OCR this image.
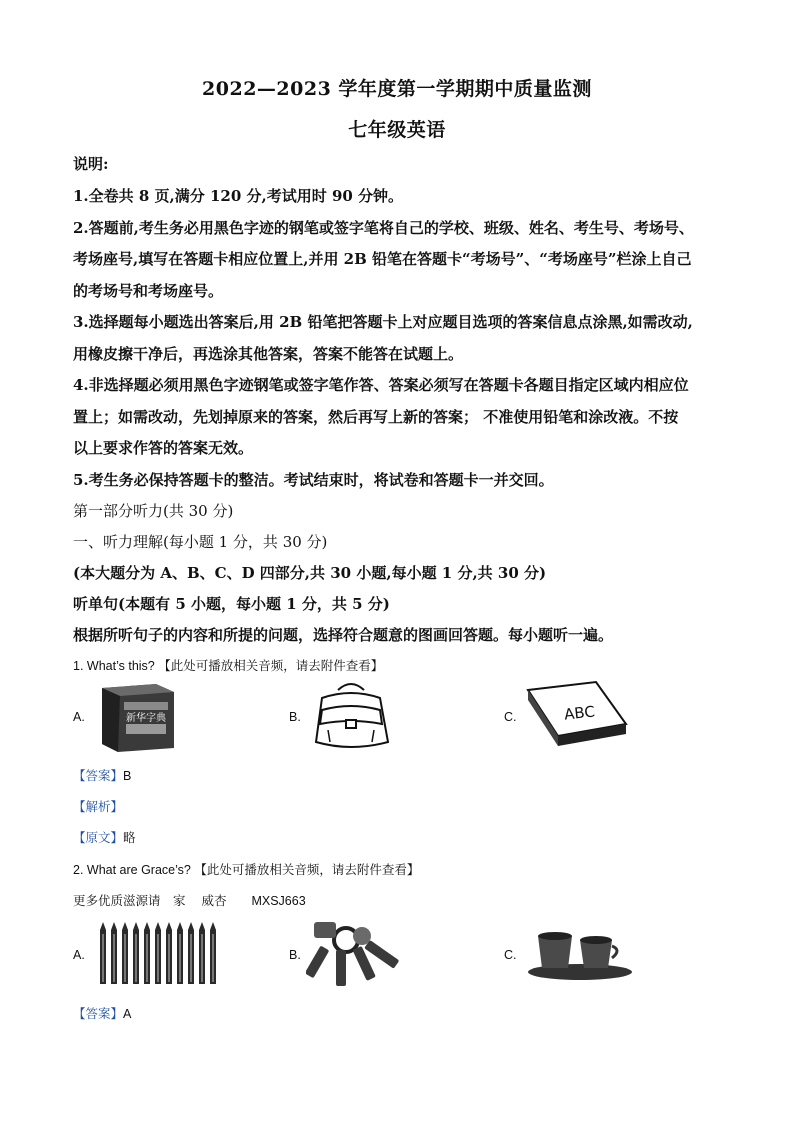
2022—2023 学年度第一学期期中质量监测
七年级英语
说明:
1.全卷共 8 页,满分 120 分,考试用时 90 分钟。
2.答题前,考生务必用黑色字迹的钢笔或签字笔将自己的学校、班级、姓名、考生号、考场号、
考场座号,填写在答题卡相应位置上,并用 2B 铅笔在答题卡“考场号”、“考场座号”栏涂上自己
的考场号和考场座号。
3.选择题每小题选出答案后,用 2B 铅笔把答题卡上对应题目选项的答案信息点涂黑,如需改动,
用橡皮擦干净后，再选涂其他答案，答案不能答在试题上。
4.非选择题必须用黑色字迹钢笔或签字笔作答、答案必须写在答题卡各题目指定区域内相应位
置上；如需改动，先划掉原来的答案，然后再写上新的答案； 不准使用铅笔和涂改液。不按
以上要求作答的答案无效。
5.考生务必保持答题卡的整洁。考试结束时，将试卷和答题卡一并交回。
第一部分听力(共 30 分)
一、听力理解(每小题 1 分，共 30 分)
(本大题分为 A、B、C、D 四部分,共 30 小题,每小题 1 分,共 30 分)
听单句(本题有 5 小题，每小题 1 分，共 5 分)
根据所听句子的内容和所提的问题，选择符合题意的图画回答题。每小题听一遍。
1. What’s this? 【此处可播放相关音频，请去附件查看】
A.	新华字典	B.	C.	ABC
【答案】B
【解析】
【原文】略
2. What are Grace’s? 【此处可播放相关音频，请去附件查看】
更多优质滋源请　家　 威杏　　MXSJ663
A.	B.	C.
【答案】A
